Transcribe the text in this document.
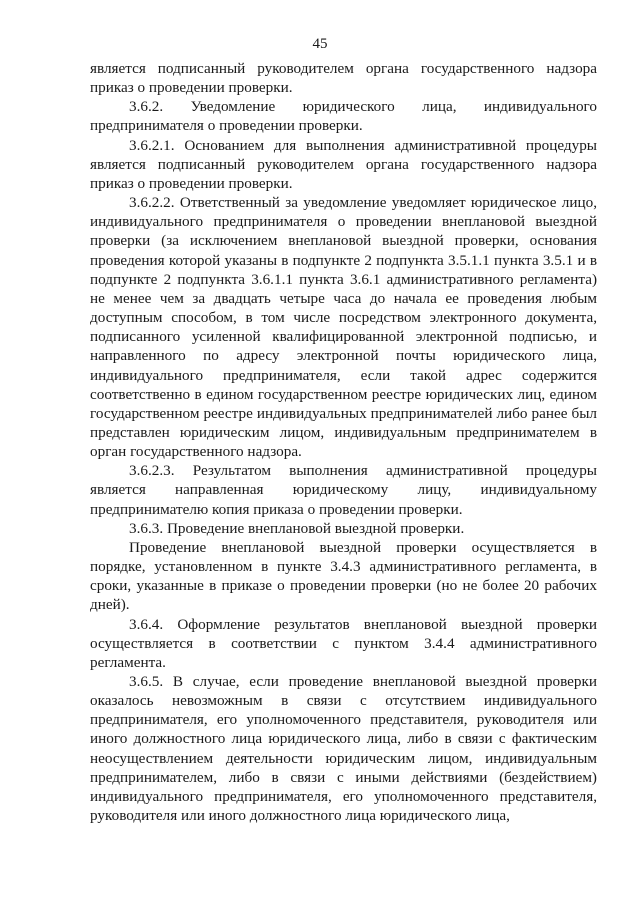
45

является подписанный руководителем органа государственного надзора приказ о проведении проверки.

3.6.2. Уведомление юридического лица, индивидуального предпринимателя о проведении проверки.

3.6.2.1. Основанием для выполнения административной процедуры является подписанный руководителем органа государственного надзора приказ о проведении проверки.

3.6.2.2. Ответственный за уведомление уведомляет юридическое лицо, индивидуального предпринимателя о проведении внеплановой выездной проверки (за исключением внеплановой выездной проверки, основания проведения которой указаны в подпункте 2 подпункта 3.5.1.1 пункта 3.5.1 и в подпункте 2 подпункта 3.6.1.1 пункта 3.6.1 административного регламента) не менее чем за двадцать четыре часа до начала ее проведения любым доступным способом, в том числе посредством электронного документа, подписанного усиленной квалифицированной электронной подписью, и направленного по адресу электронной почты юридического лица, индивидуального предпринимателя, если такой адрес содержится соответственно в едином государственном реестре юридических лиц, едином государственном реестре индивидуальных предпринимателей либо ранее был представлен юридическим лицом, индивидуальным предпринимателем в орган государственного надзора.

3.6.2.3. Результатом выполнения административной процедуры является направленная юридическому лицу, индивидуальному предпринимателю копия приказа о проведении проверки.

3.6.3. Проведение внеплановой выездной проверки.

Проведение внеплановой выездной проверки осуществляется в порядке, установленном в пункте 3.4.3 административного регламента, в сроки, указанные в приказе о проведении проверки (но не более 20 рабочих дней).

3.6.4. Оформление результатов внеплановой выездной проверки осуществляется в соответствии с пунктом 3.4.4 административного регламента.

3.6.5. В случае, если проведение внеплановой выездной проверки оказалось невозможным в связи с отсутствием индивидуального предпринимателя, его уполномоченного представителя, руководителя или иного должностного лица юридического лица, либо в связи с фактическим неосуществлением деятельности юридическим лицом, индивидуальным предпринимателем, либо в связи с иными действиями (бездействием) индивидуального предпринимателя, его уполномоченного представителя, руководителя или иного должностного лица юридического лица,
